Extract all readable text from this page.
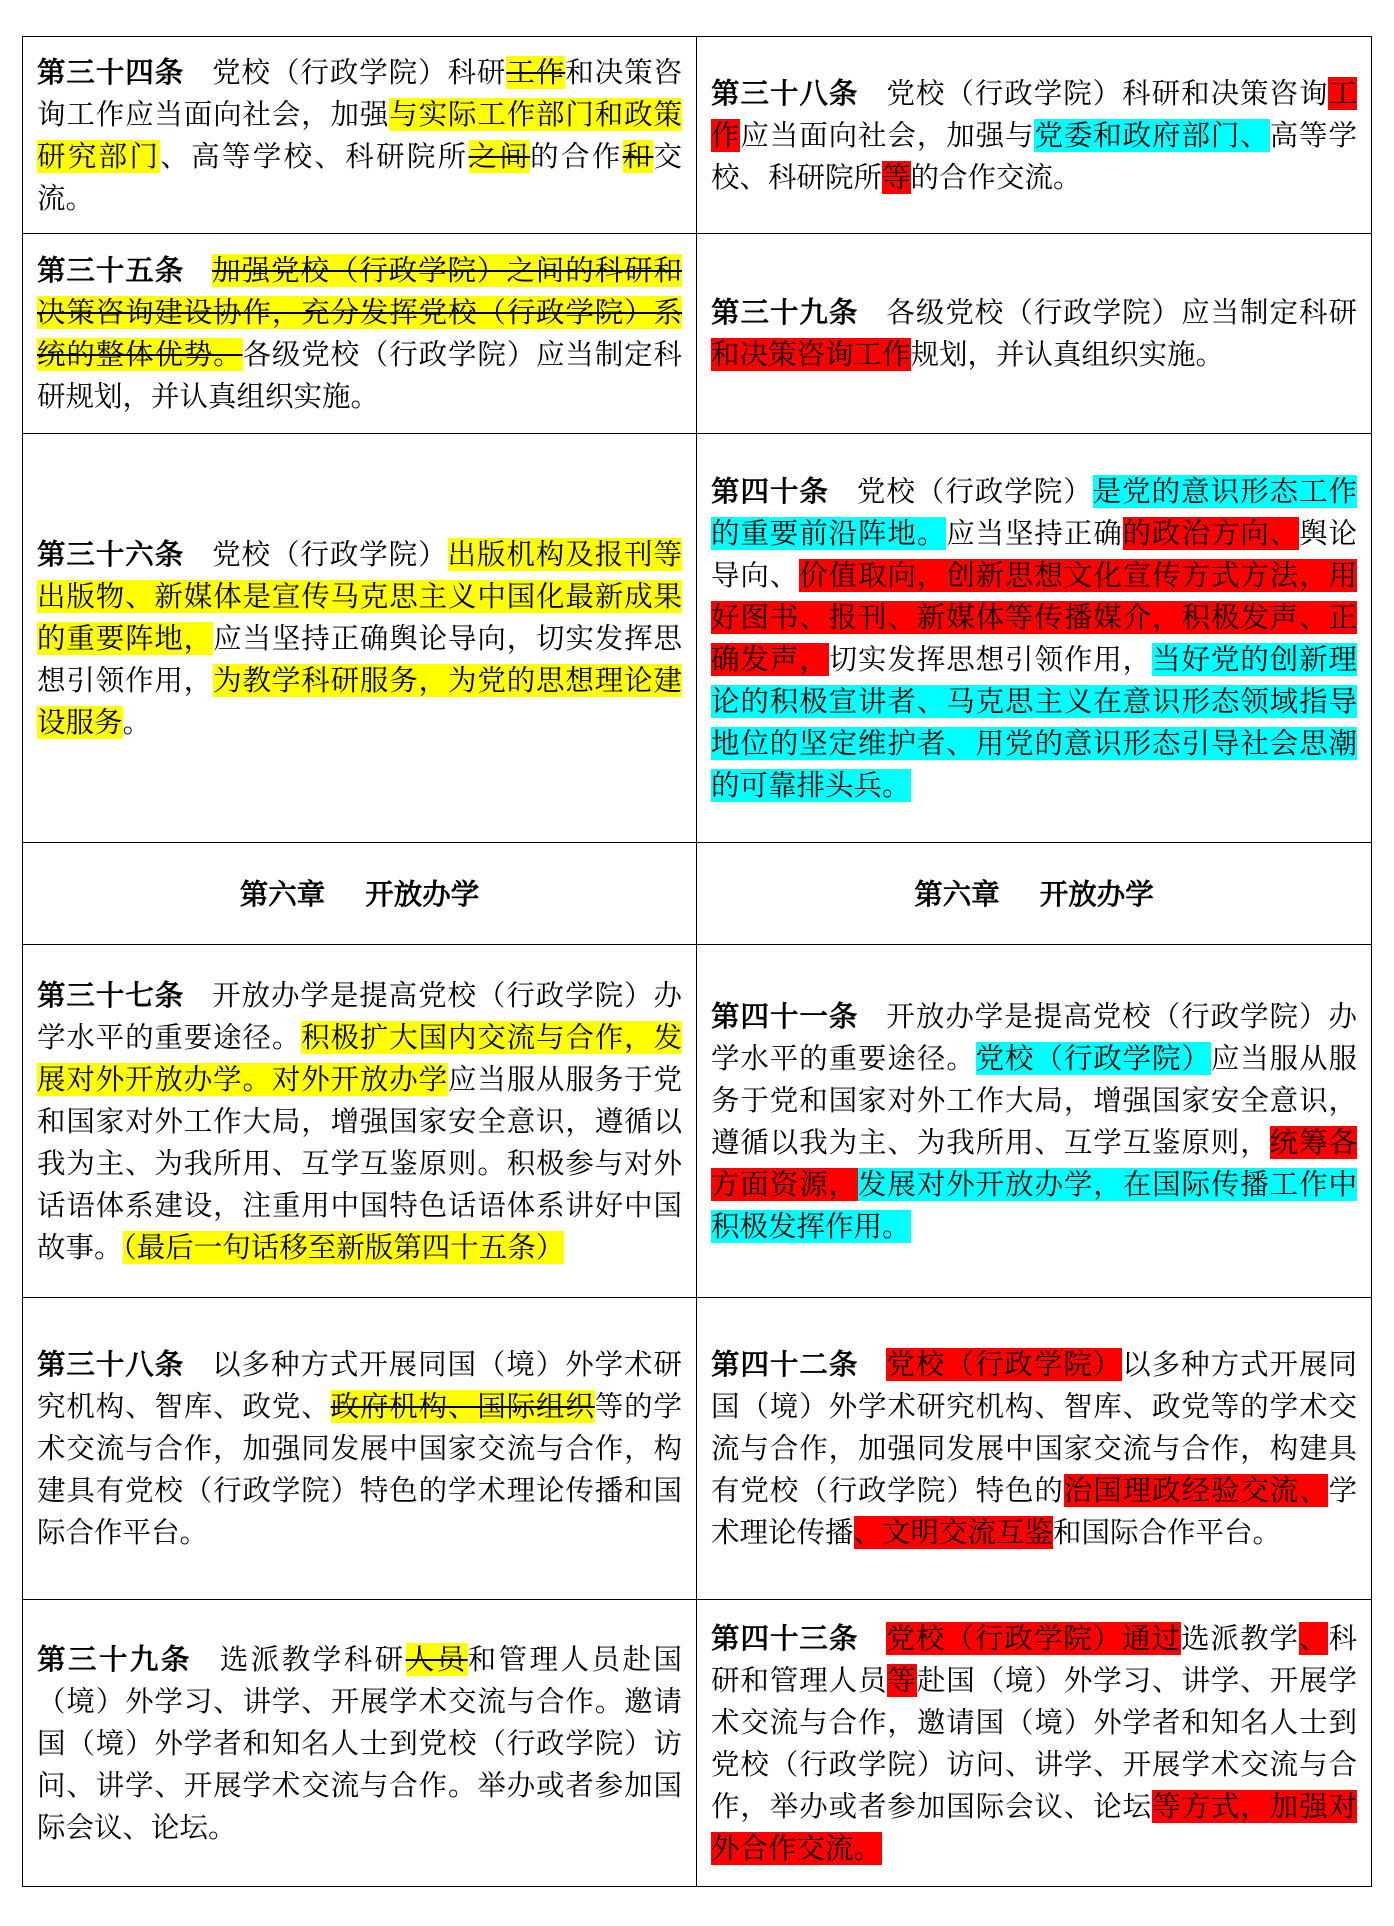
第三十四条 党校（行政学院）科研工作和决策咨询工作应当面向社会，加强与实际工作部门和政策研究部门、高等学校、科研院所之间的合作和交流。	第三十八条 党校（行政学院）科研和决策咨询工作应当面向社会，加强与党委和政府部门、高等学校、科研院所等的合作交流。
第三十五条 加强党校（行政学院）之间的科研和决策咨询建设协作，充分发挥党校（行政学院）系统的整体优势。各级党校（行政学院）应当制定科研规划，并认真组织实施。	第三十九条 各级党校（行政学院）应当制定科研和决策咨询工作规划，并认真组织实施。
第三十六条 党校（行政学院）出版机构及报刊等出版物、新媒体是宣传马克思主义中国化最新成果的重要阵地，应当坚持正确舆论导向，切实发挥思想引领作用，为教学科研服务，为党的思想理论建设服务。	第四十条 党校（行政学院）是党的意识形态工作的重要前沿阵地。应当坚持正确的政治方向、舆论导向、价值取向，创新思想文化宣传方式方法，用好图书、报刊、新媒体等传播媒介，积极发声、正确发声，切实发挥思想引领作用，当好党的创新理论的积极宣讲者、马克思主义在意识形态领域指导地位的坚定维护者、用党的意识形态引导社会思潮的可靠排头兵。
第六章 开放办学	第六章 开放办学
第三十七条 开放办学是提高党校（行政学院）办学水平的重要途径。积极扩大国内交流与合作，发展对外开放办学。对外开放办学应当服从服务于党和国家对外工作大局，增强国家安全意识，遵循以我为主、为我所用、互学互鉴原则。积极参与对外话语体系建设，注重用中国特色话语体系讲好中国故事。（最后一句话移至新版第四十五条）	第四十一条 开放办学是提高党校（行政学院）办学水平的重要途径。党校（行政学院）应当服从服务于党和国家对外工作大局，增强国家安全意识，遵循以我为主、为我所用、互学互鉴原则，统筹各方面资源，发展对外开放办学，在国际传播工作中积极发挥作用。
第三十八条 以多种方式开展同国（境）外学术研究机构、智库、政党、政府机构、国际组织等的学术交流与合作，加强同发展中国家交流与合作，构建具有党校（行政学院）特色的学术理论传播和国际合作平台。	第四十二条 党校（行政学院）以多种方式开展同国（境）外学术研究机构、智库、政党等的学术交流与合作，加强同发展中国家交流与合作，构建具有党校（行政学院）特色的治国理政经验交流、学术理论传播、文明交流互鉴和国际合作平台。
第三十九条 选派教学科研人员和管理人员赴国（境）外学习、讲学、开展学术交流与合作。邀请国（境）外学者和知名人士到党校（行政学院）访问、讲学、开展学术交流与合作。举办或者参加国际会议、论坛。	第四十三条 党校（行政学院）通过选派教学、科研和管理人员等赴国（境）外学习、讲学、开展学术交流与合作，邀请国（境）外学者和知名人士到党校（行政学院）访问、讲学、开展学术交流与合作，举办或者参加国际会议、论坛等方式，加强对外合作交流。
